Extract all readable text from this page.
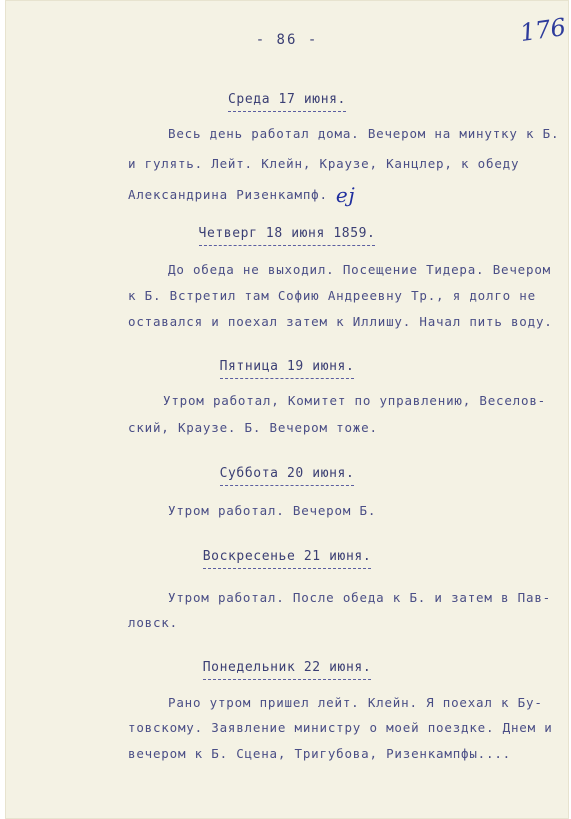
- 86 -	176
Среда 17 июня.
Весь день работал дома. Вечером на минутку к Б.
и гулять. Лейт. Клейн, Краузе, Канцлер, к обеду
Александрина Ризенкампф. ej
Четверг 18 июня 1859.
До обеда не выходил. Посещение Тидера. Вечером
к Б. Встретил там Софию Андреевну Тр., я долго не
оставался и поехал затем к Иллишу. Начал пить воду.
Пятница 19 июня.
Утром работал, Комитет по управлению, Веселов-
ский, Краузе. Б. Вечером тоже.
Суббота 20 июня.
Утром работал. Вечером Б.
Воскресенье 21 июня.
Утром работал. После обеда к Б. и затем в Пав-
ловск.
Понедельник 22 июня.
Рано утром пришел лейт. Клейн. Я поехал к Бу-
товскому. Заявление министру о моей поездке. Днем и
вечером к Б. Сцена, Тригубова, Ризенкампфы....
